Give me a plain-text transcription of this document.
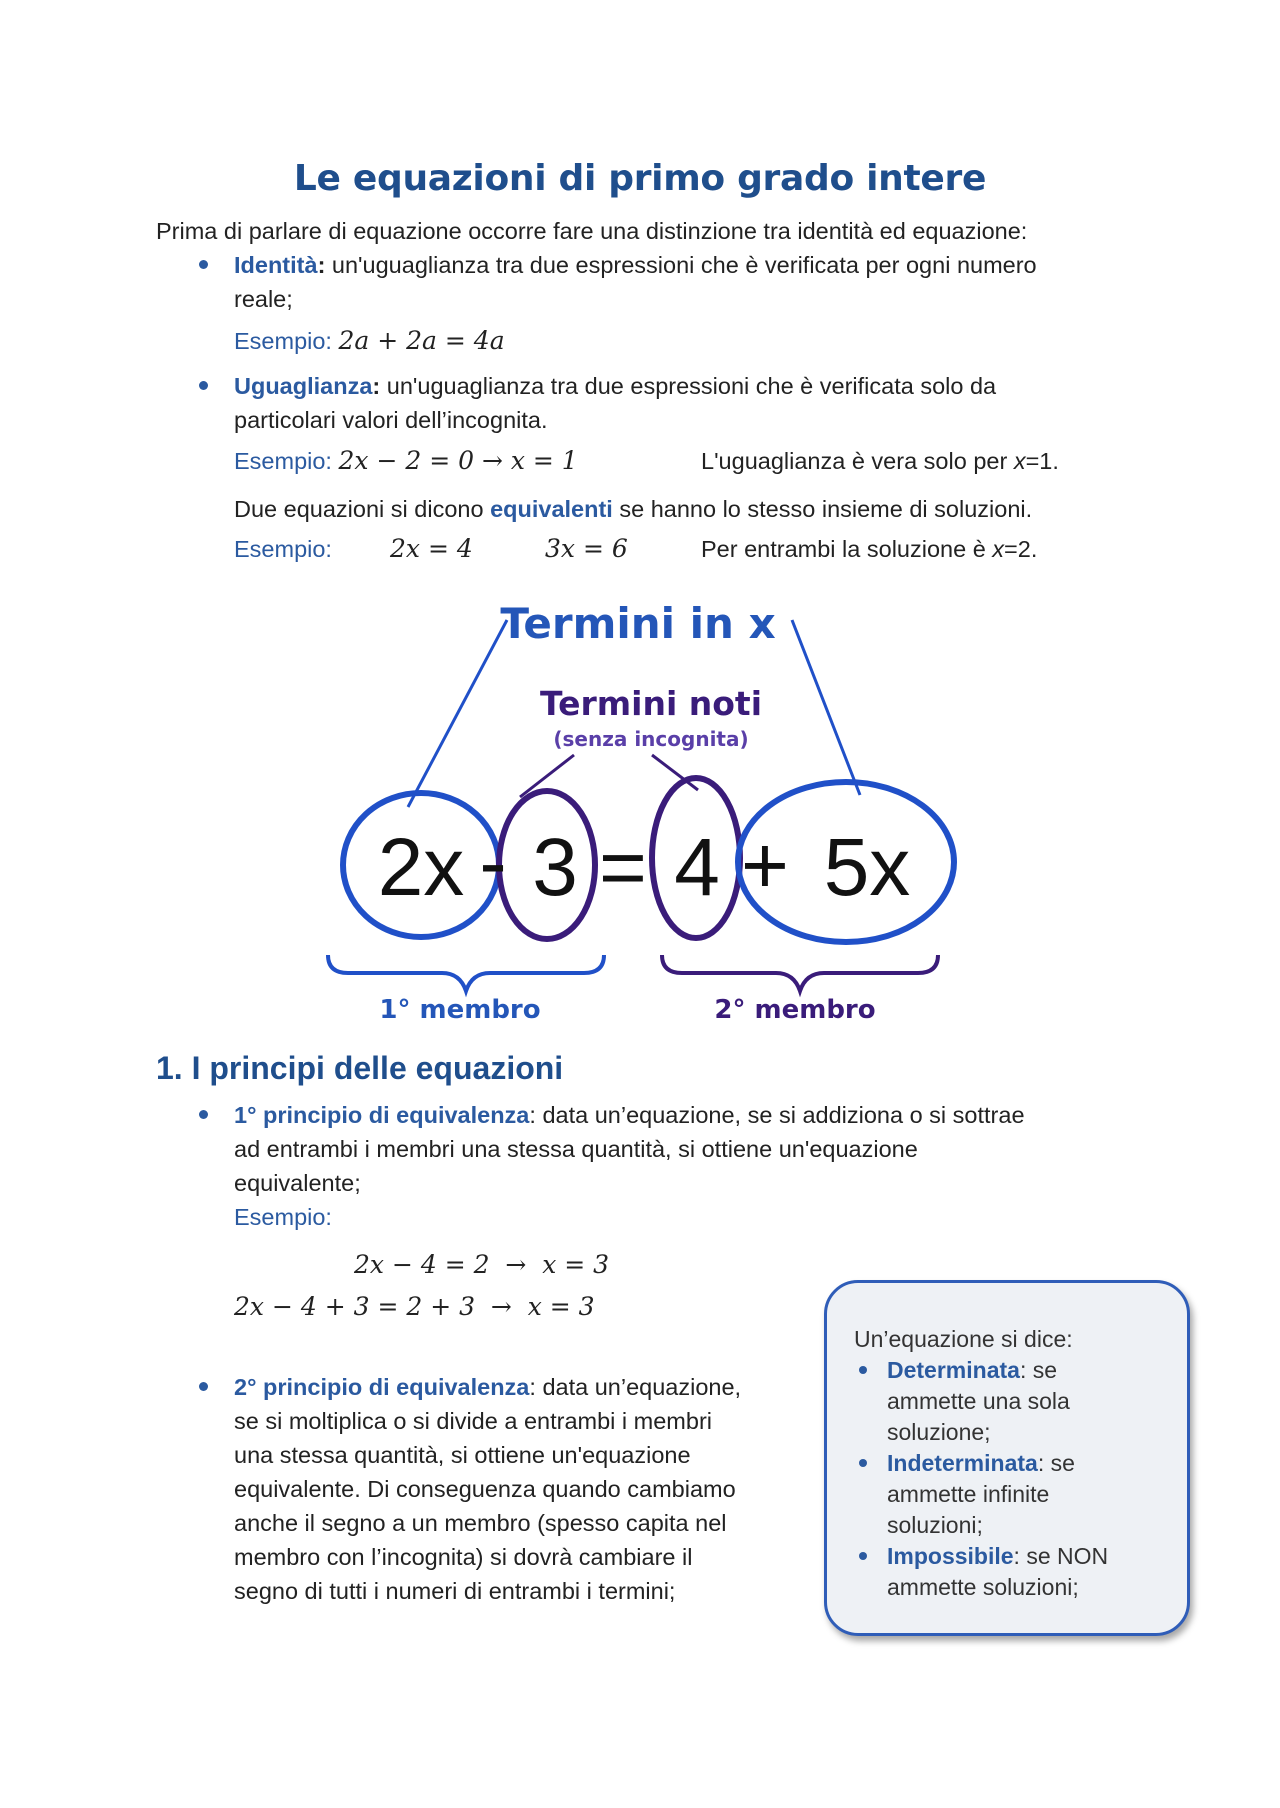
Le equazioni di primo grado intere
Prima di parlare di equazione occorre fare una distinzione tra identità ed equazione:
Identità: un'uguaglianza tra due espressioni che è verificata per ogni numero
reale;
Esempio: 2a + 2a = 4a
Uguaglianza: un'uguaglianza tra due espressioni che è verificata solo da
particolari valori dell’incognita.
Esempio: 2x − 2 = 0 → x = 1	L'uguaglianza è vera solo per x=1.
Due equazioni si dicono equivalenti se hanno lo stesso insieme di soluzioni.
Esempio: 2x = 4	3x = 6	Per entrambi la soluzione è x=2.
Termini in x
Termini noti
(senza incognita)
2x - 3 = 4 + 5x
1° membro	2° membro
1. I principi delle equazioni
1° principio di equivalenza: data un’equazione, se si addiziona o si sottrae
ad entrambi i membri una stessa quantità, si ottiene un'equazione
equivalente;
Esempio:
2x − 4 = 2  →  x = 3
2x − 4 + 3 = 2 + 3  →  x = 3
2° principio di equivalenza: data un’equazione,
se si moltiplica o si divide a entrambi i membri
una stessa quantità, si ottiene un'equazione
equivalente. Di conseguenza quando cambiamo
anche il segno a un membro (spesso capita nel
membro con l’incognita) si dovrà cambiare il
segno di tutti i numeri di entrambi i termini;
Un’equazione si dice:
Determinata: se
ammette una sola
soluzione;
Indeterminata: se
ammette infinite
soluzioni;
Impossibile: se NON
ammette soluzioni;
